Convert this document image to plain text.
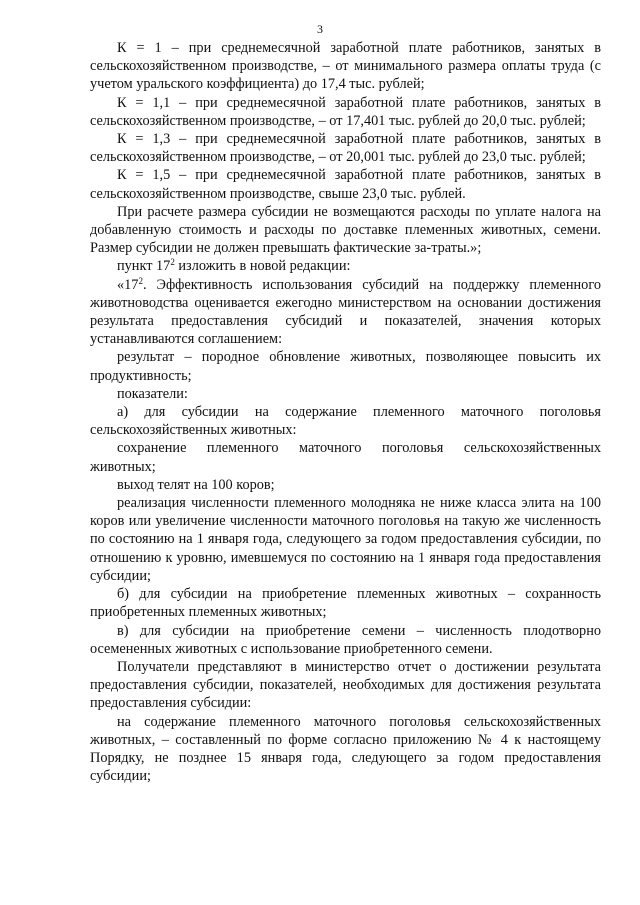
3

К = 1 – при среднемесячной заработной плате работников, занятых в сельскохозяйственном производстве, – от минимального размера оплаты труда (с учетом уральского коэффициента) до 17,4 тыс. рублей;

К = 1,1 – при среднемесячной заработной плате работников, занятых в сельскохозяйственном производстве, – от 17,401 тыс. рублей до 20,0 тыс. рублей;

К = 1,3 – при среднемесячной заработной плате работников, занятых в сельскохозяйственном производстве, – от 20,001 тыс. рублей до 23,0 тыс. рублей;

К = 1,5 – при среднемесячной заработной плате работников, занятых в сельскохозяйственном производстве, свыше 23,0 тыс. рублей.

При расчете размера субсидии не возмещаются расходы по уплате налога на добавленную стоимость и расходы по доставке племенных животных, семени. Размер субсидии не должен превышать фактические за-траты.»;

пункт $17^2$ изложить в новой редакции:

«$17^2$. Эффективность использования субсидий на поддержку племенного животноводства оценивается ежегодно министерством на основании достижения результата предоставления субсидий и показателей, значения которых устанавливаются соглашением:

результат – породное обновление животных, позволяющее повысить их продуктивность;

показатели:

а) для субсидии на содержание племенного маточного поголовья сельскохозяйственных животных:

сохранение племенного маточного поголовья сельскохозяйственных животных;

выход телят на 100 коров;

реализация численности племенного молодняка не ниже класса элита на 100 коров или увеличение численности маточного поголовья на такую же численность по состоянию на 1 января года, следующего за годом предоставления субсидии, по отношению к уровню, имевшемуся по состоянию на 1 января года предоставления субсидии;

б) для субсидии на приобретение племенных животных – сохранность приобретенных племенных животных;

в) для субсидии на приобретение семени – численность плодотворно осемененных животных с использование приобретенного семени.

Получатели представляют в министерство отчет о достижении результата предоставления субсидии, показателей, необходимых для достижения результата предоставления субсидии:

на содержание племенного маточного поголовья сельскохозяйственных животных, – составленный по форме согласно приложению № 4 к настоящему Порядку, не позднее 15 января года, следующего за годом предоставления субсидии;
